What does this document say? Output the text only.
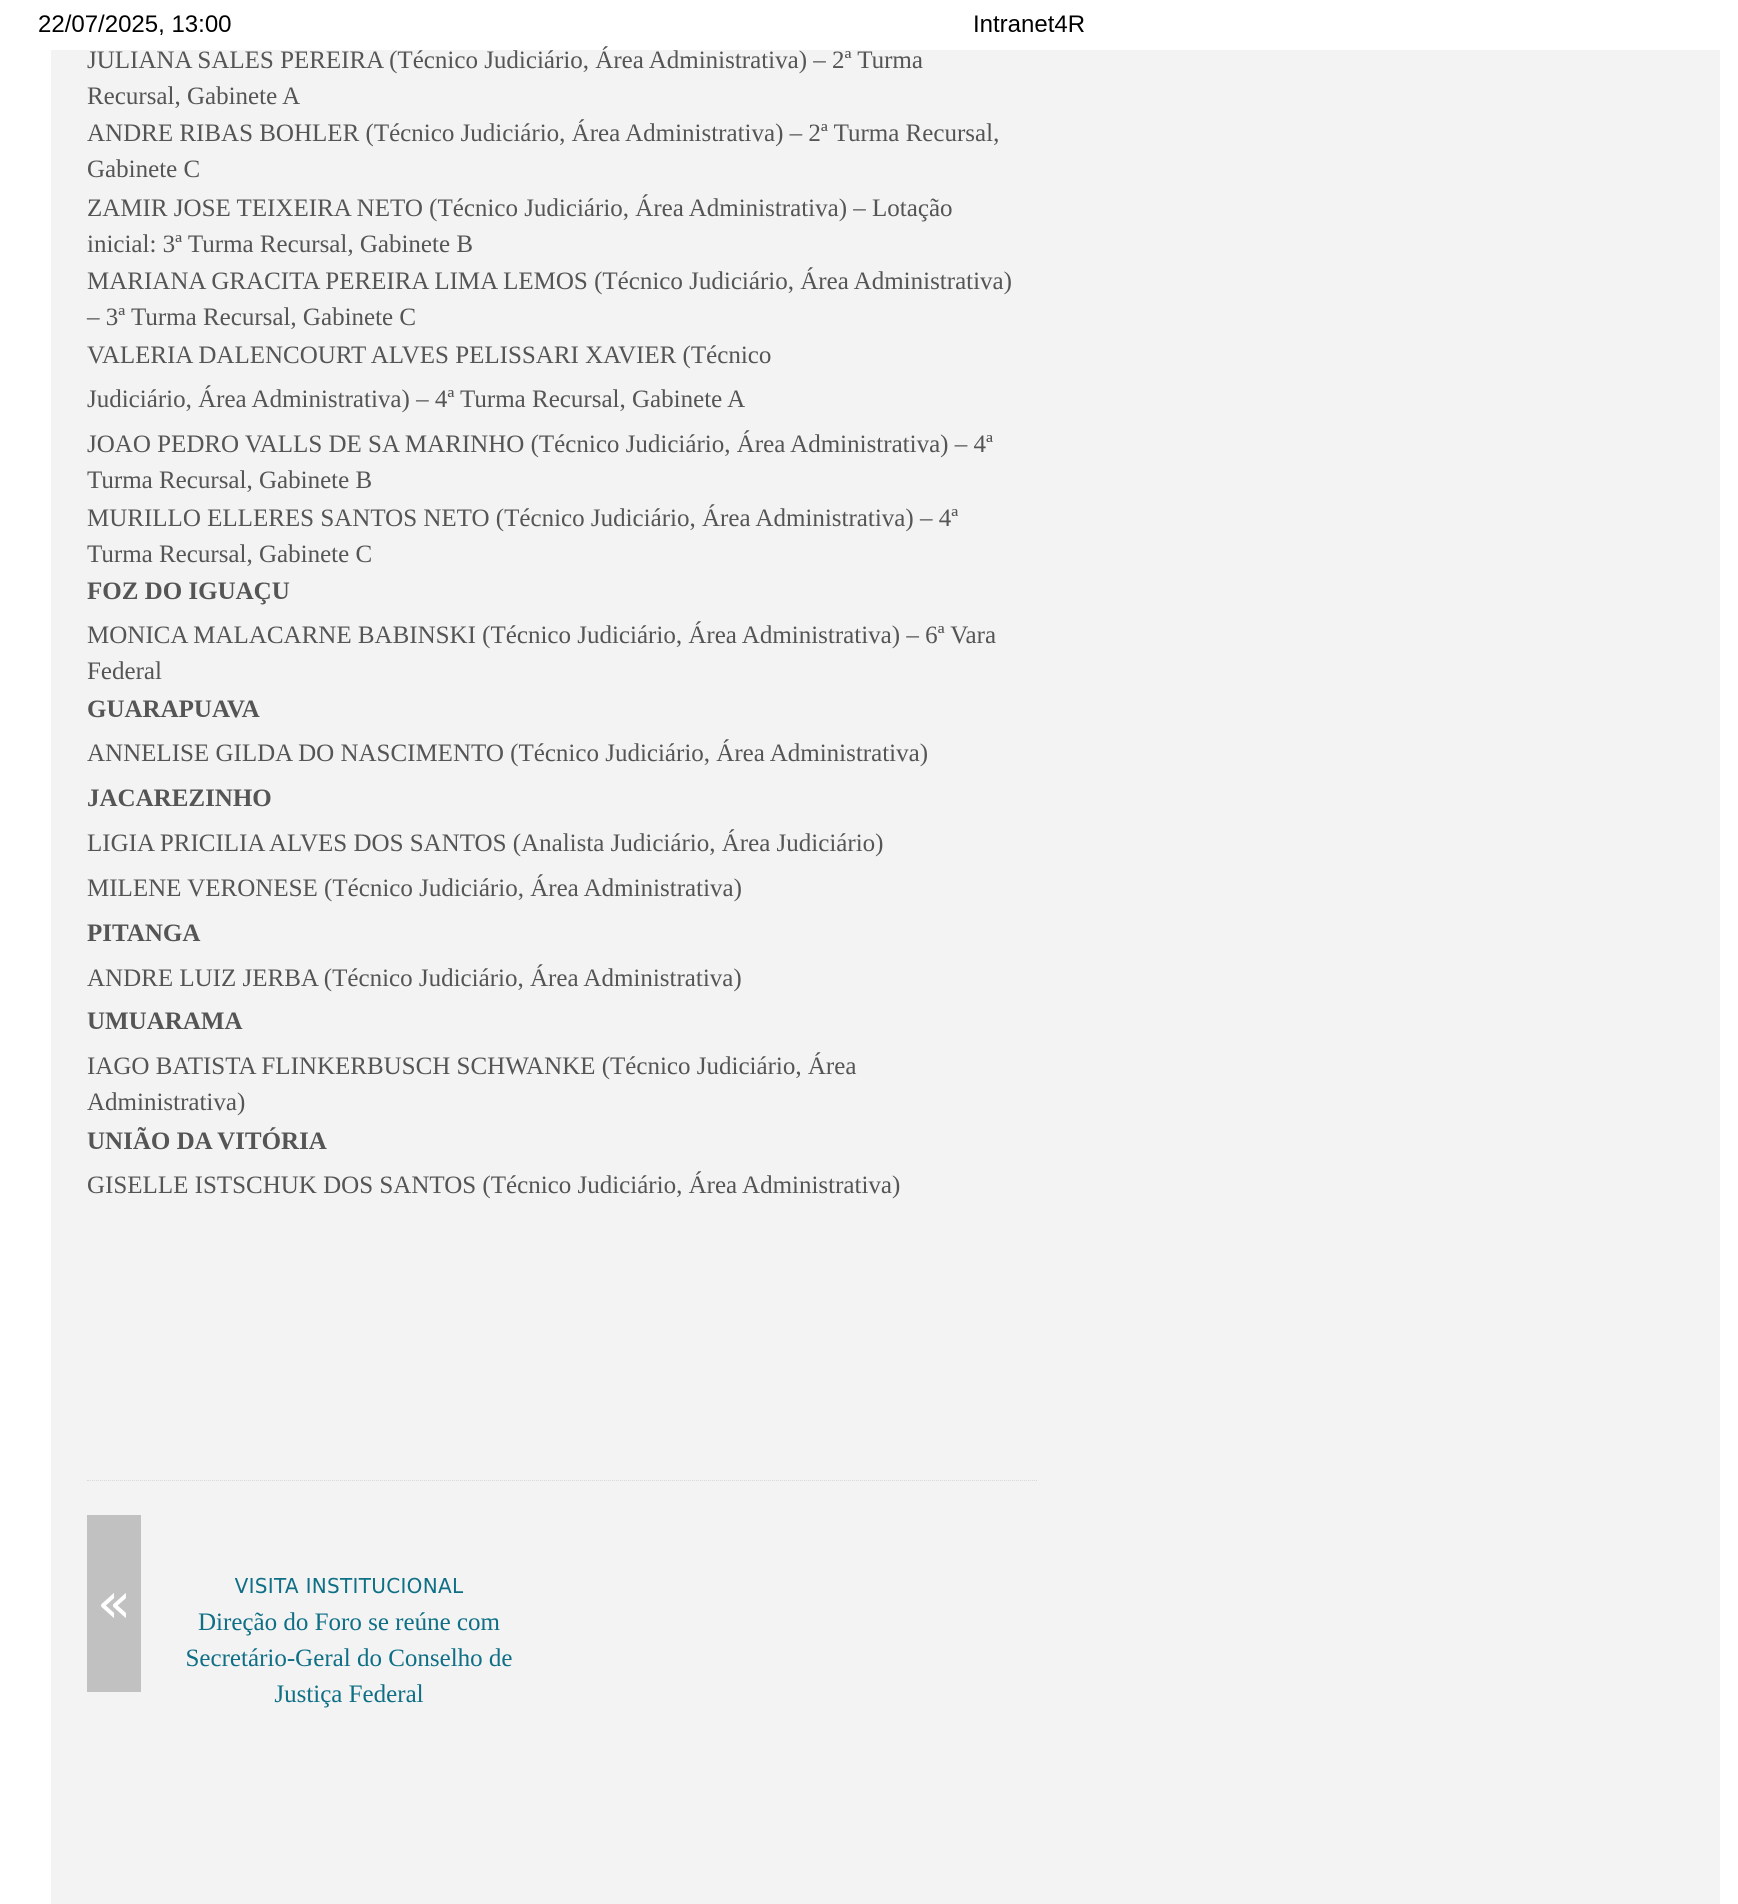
22/07/2025, 13:00	Intranet4R

JULIANA SALES PEREIRA (Técnico Judiciário, Área Administrativa) – 2ª Turma Recursal, Gabinete A

ANDRE RIBAS BOHLER (Técnico Judiciário, Área Administrativa) – 2ª Turma Recursal, Gabinete C

ZAMIR JOSE TEIXEIRA NETO (Técnico Judiciário, Área Administrativa) – Lotação inicial: 3ª Turma Recursal, Gabinete B

MARIANA GRACITA PEREIRA LIMA LEMOS (Técnico Judiciário, Área Administrativa) – 3ª Turma Recursal, Gabinete C

VALERIA DALENCOURT ALVES PELISSARI XAVIER (Técnico

Judiciário, Área Administrativa) – 4ª Turma Recursal, Gabinete A

JOAO PEDRO VALLS DE SA MARINHO (Técnico Judiciário, Área Administrativa) – 4ª Turma Recursal, Gabinete B

MURILLO ELLERES SANTOS NETO (Técnico Judiciário, Área Administrativa) – 4ª Turma Recursal, Gabinete C

FOZ DO IGUAÇU

MONICA MALACARNE BABINSKI (Técnico Judiciário, Área Administrativa) – 6ª Vara Federal

GUARAPUAVA

ANNELISE GILDA DO NASCIMENTO (Técnico Judiciário, Área Administrativa)

JACAREZINHO

LIGIA PRICILIA ALVES DOS SANTOS (Analista Judiciário, Área Judiciário)

MILENE VERONESE (Técnico Judiciário, Área Administrativa)

PITANGA

ANDRE LUIZ JERBA (Técnico Judiciário, Área Administrativa)

UMUARAMA

IAGO BATISTA FLINKERBUSCH SCHWANKE (Técnico Judiciário, Área Administrativa)

UNIÃO DA VITÓRIA

GISELLE ISTSCHUK DOS SANTOS (Técnico Judiciário, Área Administrativa)

«	VISITA INSTITUCIONAL
Direção do Foro se reúne com Secretário-Geral do Conselho de Justiça Federal
